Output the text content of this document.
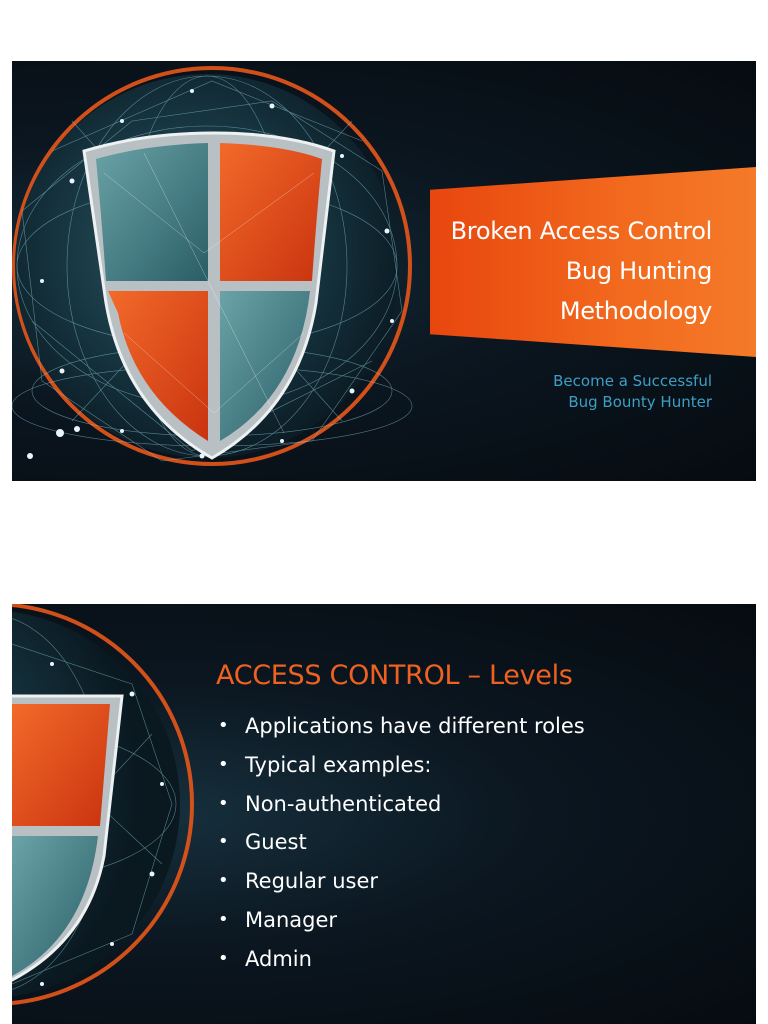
Broken Access Control
Bug Hunting
Methodology
Become a Successful
Bug Bounty Hunter
ACCESS CONTROL – Levels
• Applications have different roles
• Typical examples:
• Non-authenticated
• Guest
• Regular user
• Manager
• Admin
